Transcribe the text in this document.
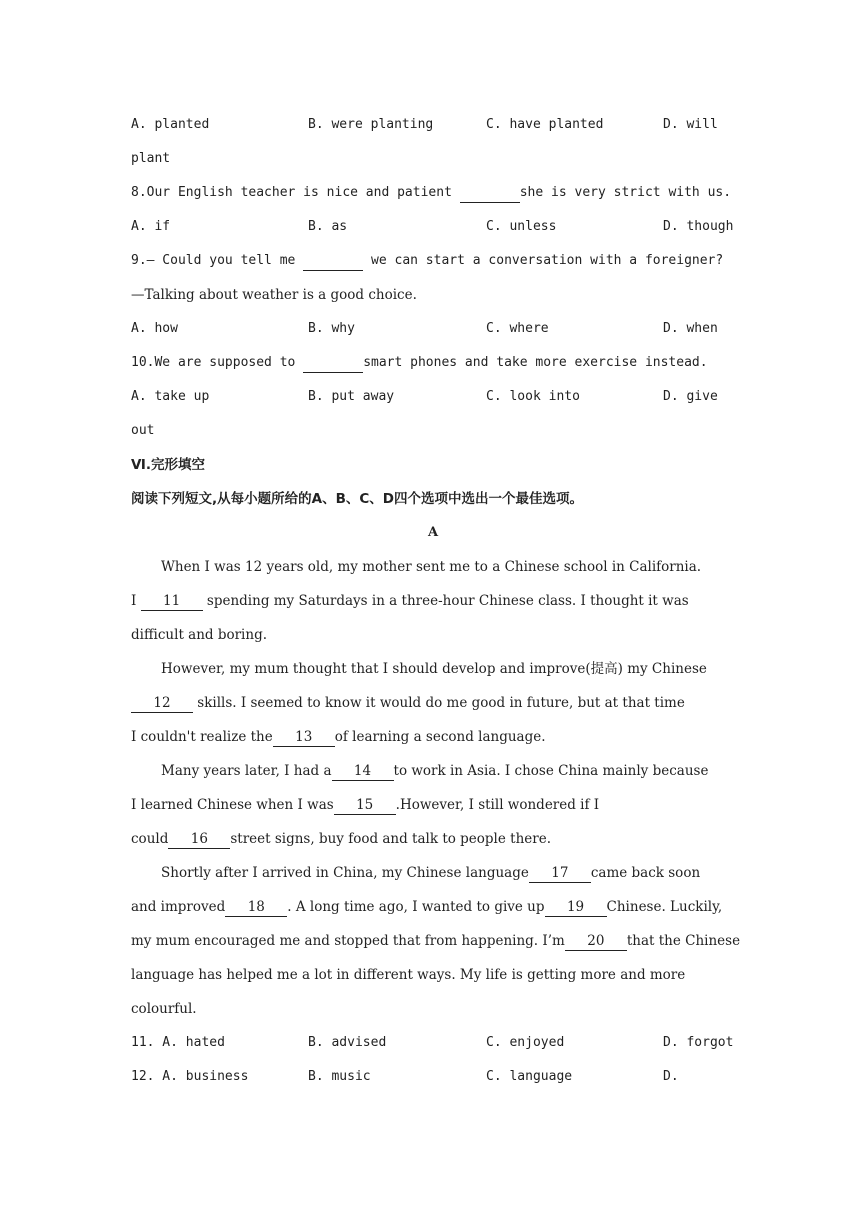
A. planted	B. were planting	C. have planted	D. will
plant
8.Our English teacher is nice and patient	she is very strict with us.
A. if	B. as	C. unless	D. though
9.— Could you tell me	we can start a conversation with a foreigner?
—Talking about weather is a good choice.
A. how	B. why	C. where	D. when
10.We are supposed to	smart phones and take more exercise instead.
A. take up	B. put away	C. look into	D. give
out
Ⅵ.完形填空
阅读下列短文,从每小题所给的A、B、C、D四个选项中选出一个最佳选项。
A
When I was 12 years old, my mother sent me to a Chinese school in California.
I 11 spending my Saturdays in a three-hour Chinese class. I thought it was
difficult and boring.
However, my mum thought that I should develop and improve(提高) my Chinese
12 skills. I seemed to know it would do me good in future, but at that time
I couldn't realize the 13 of learning a second language.
Many years later, I had a 14 to work in Asia. I chose China mainly because
I learned Chinese when I was 15 .However, I still wondered if I
could 16 street signs, buy food and talk to people there.
Shortly after I arrived in China, my Chinese language 17 came back soon
and improved 18 . A long time ago, I wanted to give up 19 Chinese. Luckily,
my mum encouraged me and stopped that from happening. I’m 20 that the Chinese
language has helped me a lot in different ways. My life is getting more and more
colourful.
11. A. hated	B. advised	C. enjoyed	D. forgot
12. A. business	B. music	C. language	D.
